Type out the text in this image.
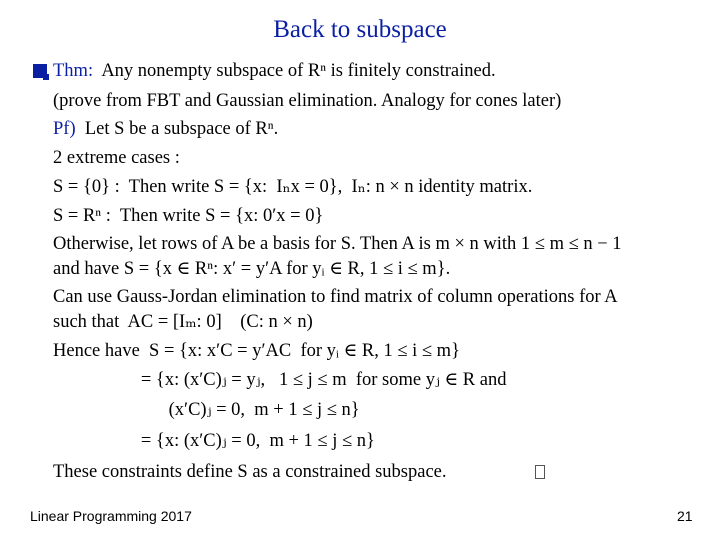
Back to subspace
Thm:  Any nonempty subspace of Rⁿ is finitely constrained.
(prove from FBT and Gaussian elimination. Analogy for cones later)
Pf)  Let S be a subspace of Rⁿ.
2 extreme cases :
S = {0} :  Then write S = {x:  Iₙx = 0},  Iₙ: n × n identity matrix.
S = Rⁿ :  Then write S = {x: 0′x = 0}
Otherwise, let rows of A be a basis for S. Then A is m × n with 1 ≤ m ≤ n − 1
and have S = {x ∈ Rⁿ: x′ = y′A for yᵢ ∈ R, 1 ≤ i ≤ m}.
Can use Gauss-Jordan elimination to find matrix of column operations for A
such that  AC = [Iₘ: 0]    (C: n × n)
Hence have  S = {x: x′C = y′AC  for yᵢ ∈ R, 1 ≤ i ≤ m}
= {x: (x′C)ⱼ = yⱼ,   1 ≤ j ≤ m  for some yⱼ ∈ R and
(x′C)ⱼ = 0,  m + 1 ≤ j ≤ n}
= {x: (x′C)ⱼ = 0,  m + 1 ≤ j ≤ n}
These constraints define S as a constrained subspace.
Linear Programming 2017	21
